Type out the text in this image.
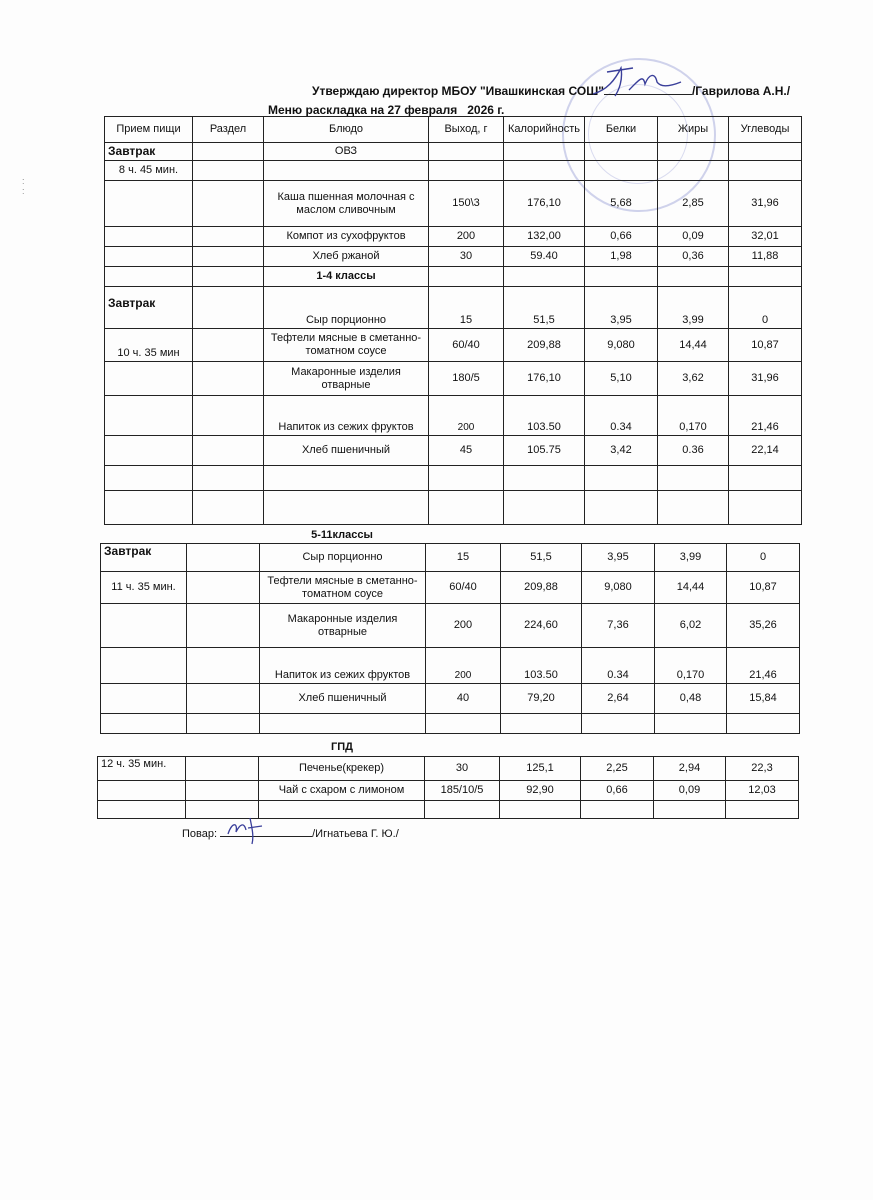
Утверждаю директор МБОУ "Ивашкинская СОШ"	/Гаврилова А.Н./
Меню раскладка на 27 февраля   2026 г.
Прием пищи	Раздел	Блюдо	Выход, г	Калорийность	Белки	Жиры	Углеводы
Завтрак		ОВЗ					
8 ч. 45 мин.							
		Каша пшенная молочная с маслом сливочным	150\3	176,10	5,68	2,85	31,96
		Компот из сухофруктов	200	132,00	0,66	0,09	32,01
		Хлеб ржаной	30	59.40	1,98	0,36	11,88
		1-4 классы					
Завтрак		Сыр порционно	15	51,5	3,95	3,99	0
10 ч. 35 мин		Тефтели мясные в сметанно-томатном соусе	60/40	209,88	9,080	14,44	10,87
		Макаронные изделия отварные	180/5	176,10	5,10	3,62	31,96
		Напиток из сежих фруктов	200	103.50	0.34	0,170	21,46
		Хлеб пшеничный	45	105.75	3,42	0.36	22,14

5-11классы
Завтрак		Сыр порционно	15	51,5	3,95	3,99	0
11 ч. 35 мин.		Тефтели мясные в сметанно-томатном соусе	60/40	209,88	9,080	14,44	10,87
		Макаронные изделия отварные	200	224,60	7,36	6,02	35,26
		Напиток из сежих фруктов	200	103.50	0.34	0,170	21,46
		Хлеб пшеничный	40	79,20	2,64	0,48	15,84

ГПД
12 ч. 35 мин.		Печенье(крекер)	30	125,1	2,25	2,94	22,3
		Чай с схаром с лимоном	185/10/5	92,90	0,66	0,09	12,03

Повар:	/Игнатьева Г. Ю./
:
:
